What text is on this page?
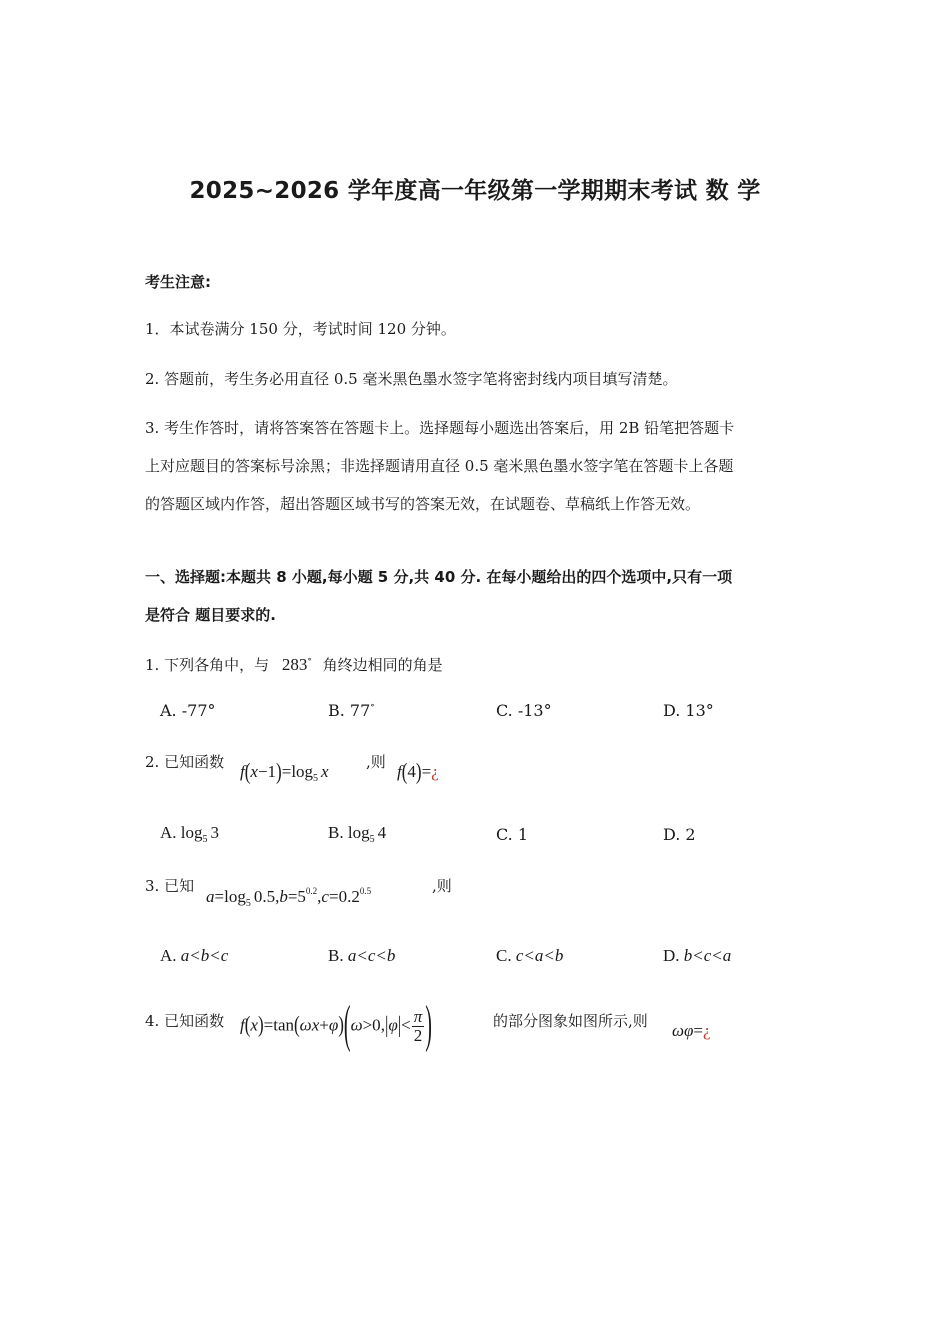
2025~2026 学年度高一年级第一学期期末考试 数 学
考生注意:
1．本试卷满分 150 分，考试时间 120 分钟。
2. 答题前，考生务必用直径 0.5 毫米黑色墨水签字笔将密封线内项目填写清楚。
3. 考生作答时，请将答案答在答题卡上。选择题每小题选出答案后，用 2B 铅笔把答题卡
上对应题目的答案标号涂黑；非选择题请用直径 0.5 毫米黑色墨水签字笔在答题卡上各题
的答题区域内作答，超出答题区域书写的答案无效，在试题卷、草稿纸上作答无效。
一、选择题:本题共 8 小题,每小题 5 分,共 40 分. 在每小题给出的四个选项中,只有一项
是符合 题目要求的.
1. 下列各角中，与 283∘ 角终边相同的角是
A. -77°	B. 77∘	C. -13°	D. 13°
2. 已知函数 $f(x-1)=\log_5$ x ,则 f(4)=¿
A. $\log_5 3$	B. $\log_5 4$	C. 1	D. 2
3. 已知
$a=\log_5$ $0.5,b=5^{0.2},c=0.2^{0.5}$	,则
A. a<b<c	B. a<c<b	C. c<a<b	D. b<c<a
4. 已知函数 $f(x)=\tan(\omega x+\varphi)(\omega>0,|\varphi|< \frac{\pi}{2}$ )	的部分图象如图所示,则 ωφ=¿
